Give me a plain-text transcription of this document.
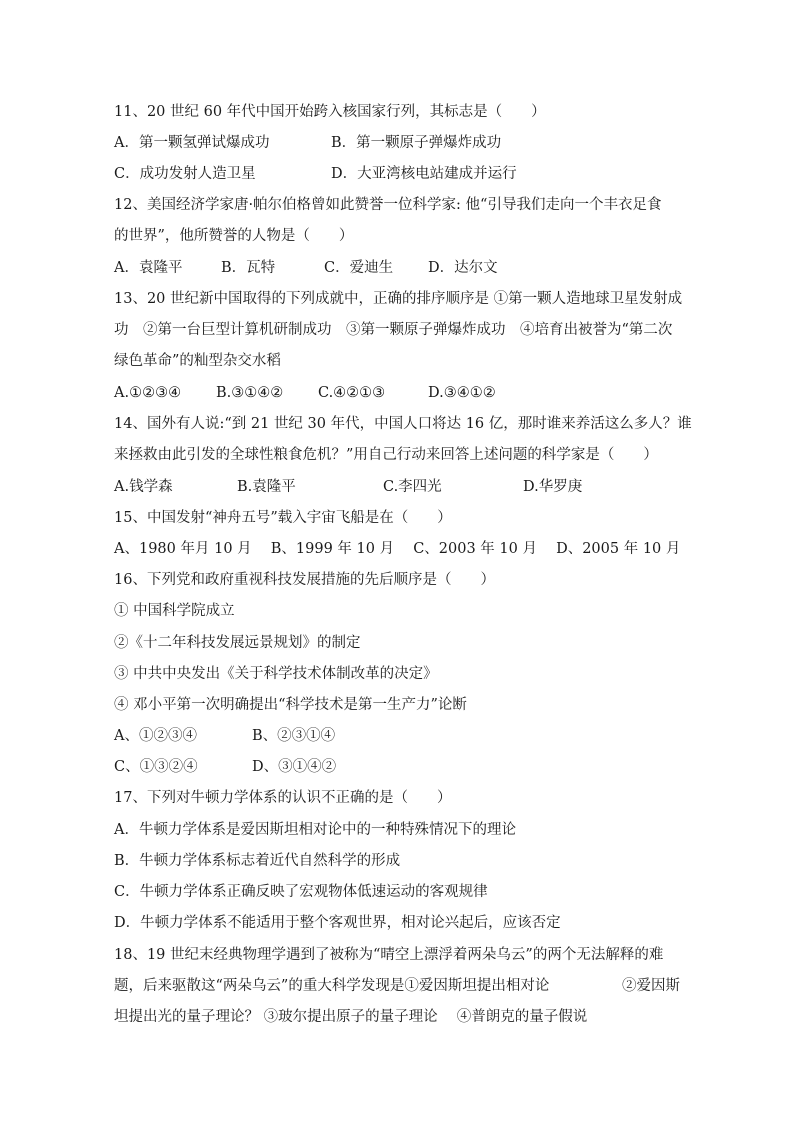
11、20 世纪 60 年代中国开始跨入核国家行列，其标志是（　　）
A．第一颗氢弹试爆成功	B．第一颗原子弹爆炸成功
C．成功发射人造卫星	D．大亚湾核电站建成并运行
12、美国经济学家唐·帕尔伯格曾如此赞誉一位科学家: 他“引导我们走向一个丰衣足食
的世界”，他所赞誉的人物是（　　）
A．袁隆平	B．瓦特	C．爱迪生 D．达尔文
13、20 世纪新中国取得的下列成就中，正确的排序顺序是 ①第一颗人造地球卫星发射成
功　②第一台巨型计算机研制成功　③第一颗原子弹爆炸成功　④培育出被誉为“第二次
绿色革命”的籼型杂交水稻
A.①②③④ B.③①④② C.④②①③	D.③④①②
14、国外有人说:“到 21 世纪 30 年代，中国人口将达 16 亿，那时谁来养活这么多人？谁
来拯救由此引发的全球性粮食危机？”用自己行动来回答上述问题的科学家是（　　）
A.钱学森	B.袁隆平	C.李四光	D.华罗庚
15、中国发射“神舟五号”载入宇宙飞船是在（　　）
A、1980 年月 10 月　 B、1999 年 10 月　 C、2003 年 10 月　 D、2005 年 10 月
16、下列党和政府重视科技发展措施的先后顺序是（　　）
① 中国科学院成立
②《十二年科技发展远景规划》的制定
③ 中共中央发出《关于科学技术体制改革的决定》
④ 邓小平第一次明确提出“科学技术是第一生产力”论断
A、①②③④	B、②③①④
C、①③②④	D、③①④②
17、下列对牛顿力学体系的认识不正确的是（　　）
A．牛顿力学体系是爱因斯坦相对论中的一种特殊情况下的理论
B．牛顿力学体系标志着近代自然科学的形成
C．牛顿力学体系正确反映了宏观物体低速运动的客观规律
D．牛顿力学体系不能适用于整个客观世界，相对论兴起后，应该否定
18、19 世纪末经典物理学遇到了被称为“晴空上漂浮着两朵乌云”的两个无法解释的难
题，后来驱散这“两朵乌云”的重大科学发现是①爱因斯坦提出相对论	②爱因斯
坦提出光的量子理论？ ③玻尔提出原子的量子理论　 ④普朗克的量子假说
